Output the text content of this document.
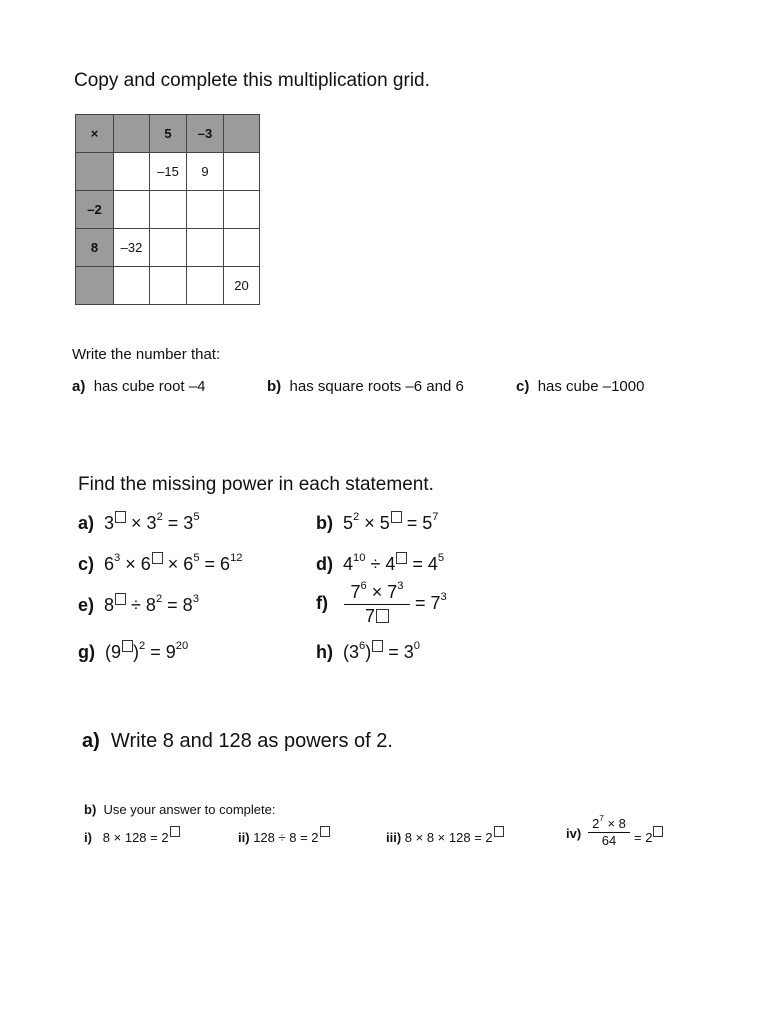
Copy and complete this multiplication grid.
×		5	–3	
		–15	9	
–2				
8	–32			
				20
Write the number that:
a) has cube root –4	b) has square roots –6 and 6	c) has cube –1000
Find the missing power in each statement.
a)  $3 \times 3^2 = 3^5$	b)  $5^2 \times 5 = 5^7$
c)  $6^3 \times 6 \times 6^5 = 6^{12}$	d)  $4^{10} \div 4 = 4^5$
e)  $8 \div 8^2 = 8^3$	f)
$7^6 \times 7^3$
7
= $7^3$
g)  (9 )$^2 = 9^{20}$	h)  $(3^6) = 3^0$
a) Write 8 and 128 as powers of 2.
b) Use your answer to complete:
i) 8 × 128 = 2	ii) 128 ÷ 8 = 2	iii) 8 × 8 × 128 = 2	iv)
$2^7 \times 8$
64	= 2
